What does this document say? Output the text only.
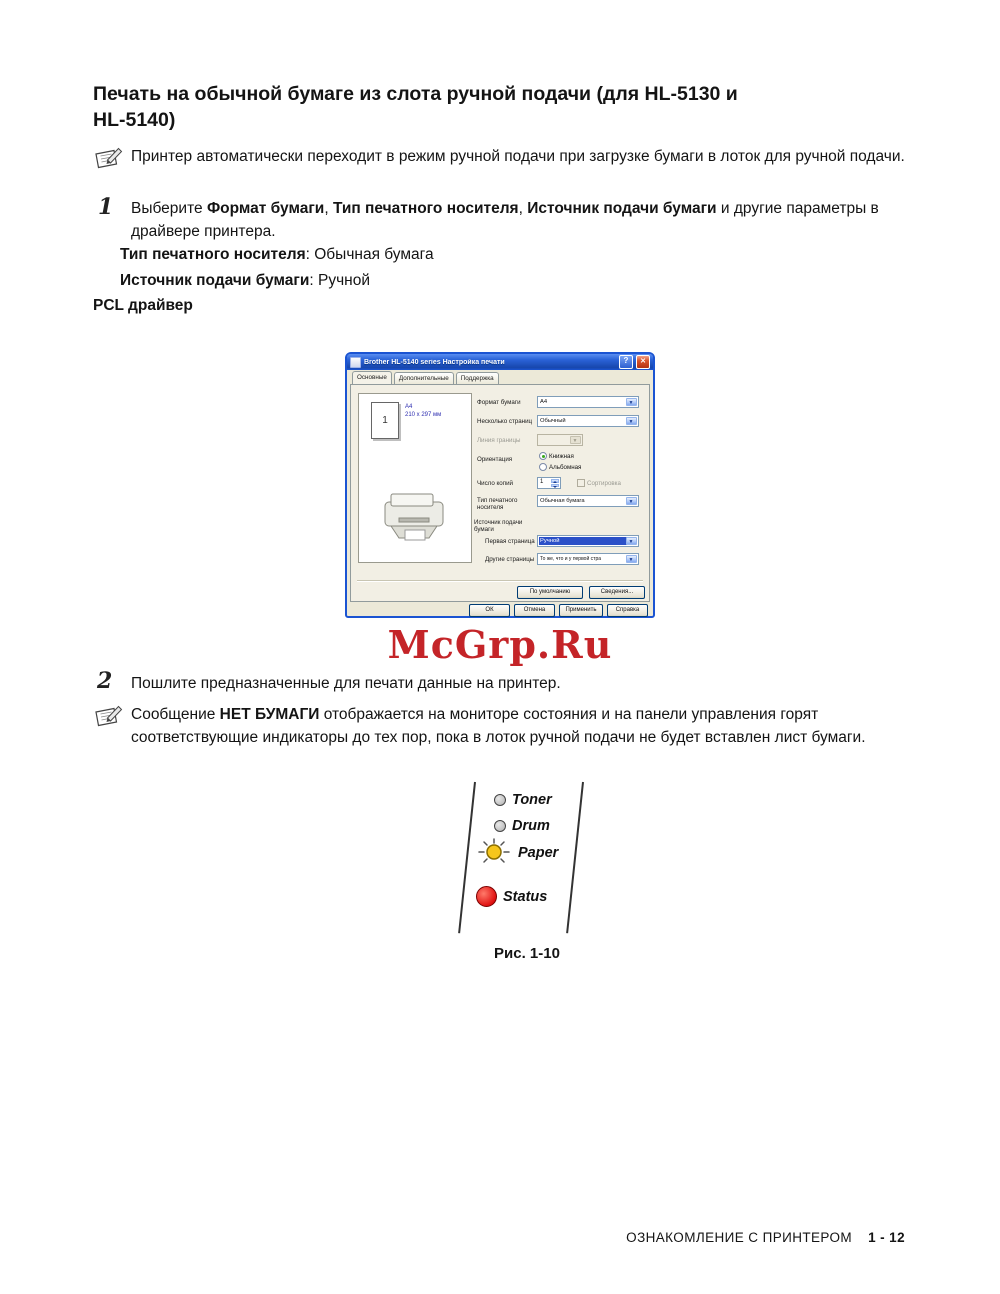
Печать на обычной бумаге из слота ручной подачи (для HL-5130 и
HL-5140)

Принтер автоматически переходит в режим ручной подачи при загрузке бумаги в лоток для ручной подачи.

1 Выберите Формат бумаги, Тип печатного носителя, Источник подачи бумаги и другие параметры в драйвере принтера.

Тип печатного носителя: Обычная бумага

Источник подачи бумаги: Ручной

PCL драйвер

Brother HL-5140 series Настройка печати
?
✕
Основные	Дополнительные	Поддержка
1
A4
210 x 297 мм
Формат бумаги	A4
▼
Несколько страниц Обычный
▼
Линия границы
▼
Ориентация	Книжная
Альбомная
Число копий	1	Сортировка
Тип печатного
носителя
Обычная бумага
▼
Источник подачи
бумаги
Первая страница Ручной
▼
Другие страницы То же, что и у первой стра
▼
По умолчанию	Сведения...
ОК	Отмена	Применить	Справка
McGrp.Ru
2 Пошлите предназначенные для печати данные на принтер.

Сообщение НЕТ БУМАГИ отображается на мониторе состояния и на панели управления горят соответствующие индикаторы до тех пор, пока в лоток ручной подачи не будет вставлен лист бумаги.

Toner
Drum
Paper
Status
Рис. 1-10
ОЗНАКОМЛЕНИЕ С ПРИНТЕРОМ 1 - 12
